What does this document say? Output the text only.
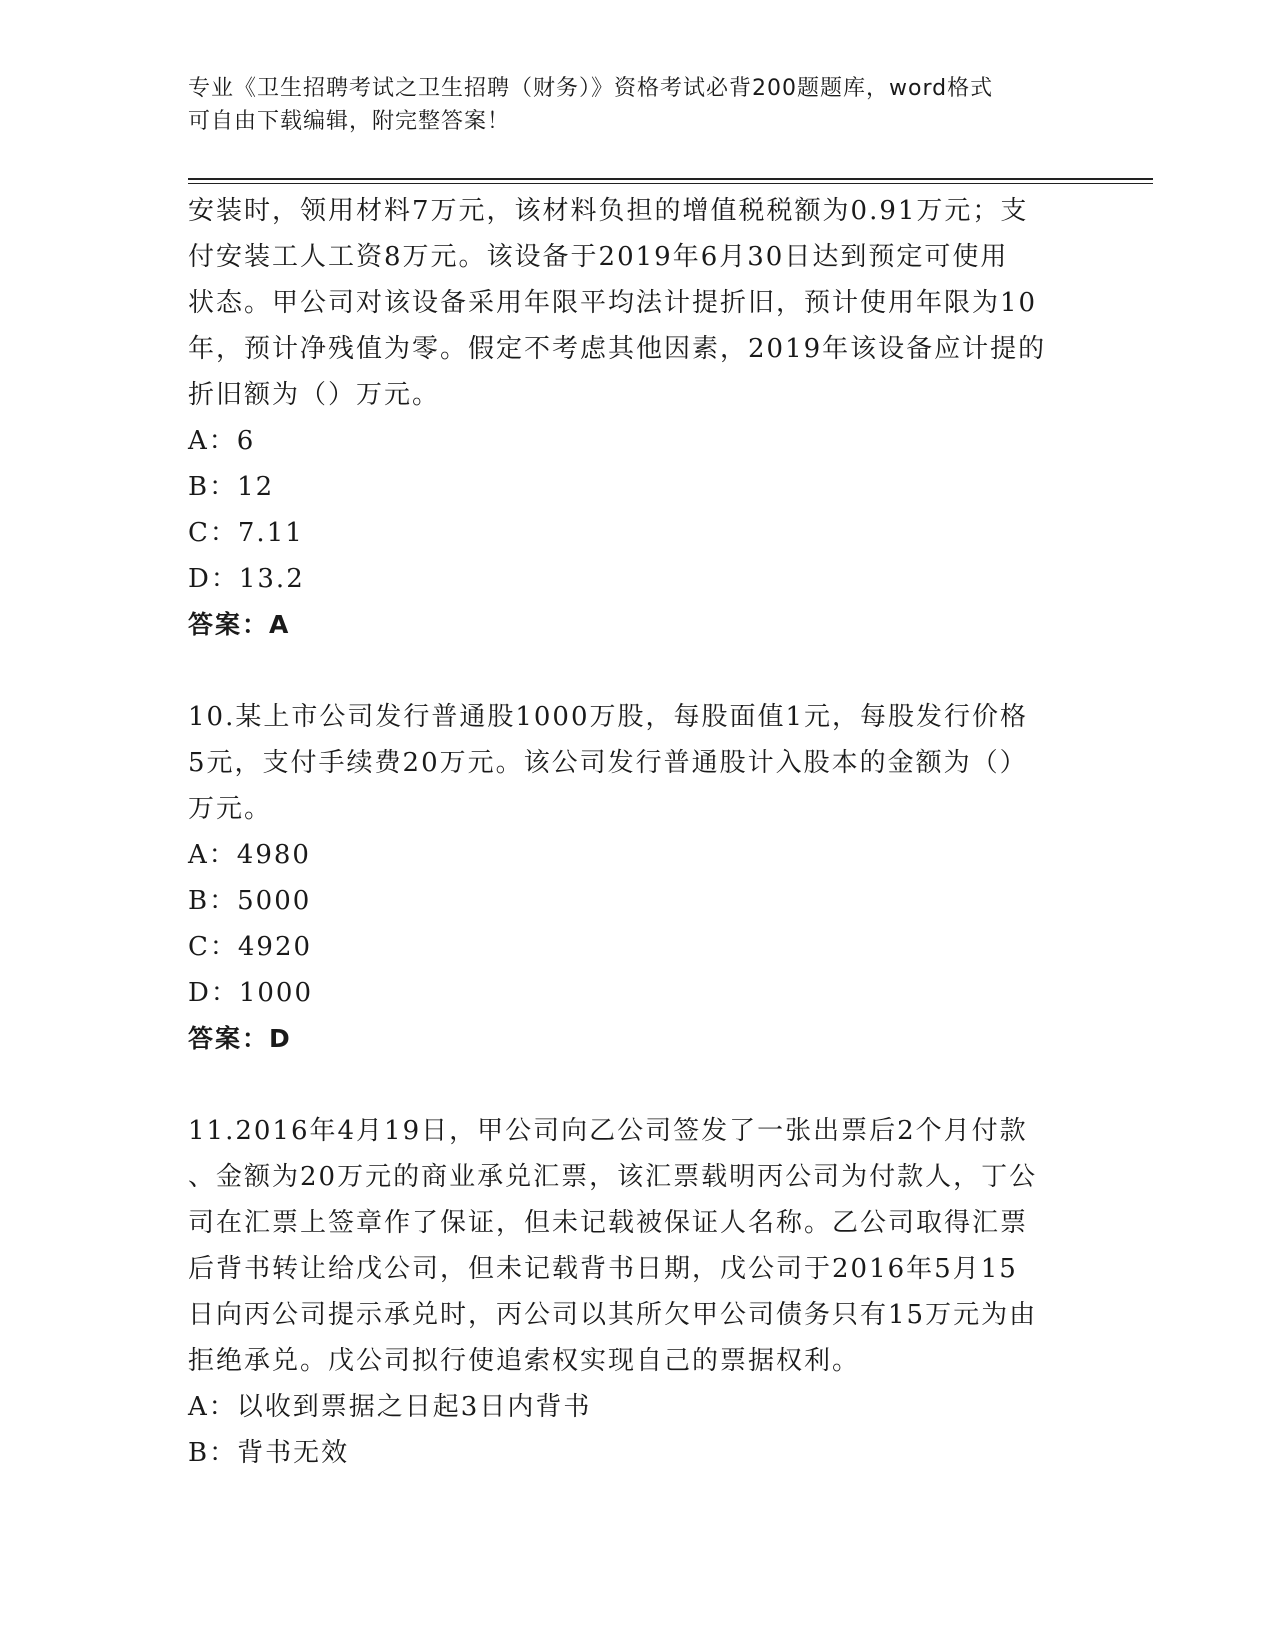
专业《卫生招聘考试之卫生招聘（财务）》资格考试必背200题题库，word格式
可自由下载编辑，附完整答案！

安装时，领用材料7万元，该材料负担的增值税税额为0.91万元；支

付安装工人工资8万元。该设备于2019年6月30日达到预定可使用

状态。甲公司对该设备采用年限平均法计提折旧，预计使用年限为10

年，预计净残值为零。假定不考虑其他因素，2019年该设备应计提的

折旧额为（）万元。

A：6

B：12

C：7.11

D：13.2

答案：A

10.某上市公司发行普通股1000万股，每股面值1元，每股发行价格

5元，支付手续费20万元。该公司发行普通股计入股本的金额为（）

万元。

A：4980

B：5000

C：4920

D：1000

答案：D

11.2016年4月19日，甲公司向乙公司签发了一张出票后2个月付款

、金额为20万元的商业承兑汇票，该汇票载明丙公司为付款人，丁公

司在汇票上签章作了保证，但未记载被保证人名称。乙公司取得汇票

后背书转让给戊公司，但未记载背书日期，戊公司于2016年5月15

日向丙公司提示承兑时，丙公司以其所欠甲公司债务只有15万元为由

拒绝承兑。戊公司拟行使追索权实现自己的票据权利。

A：以收到票据之日起3日内背书

B：背书无效
